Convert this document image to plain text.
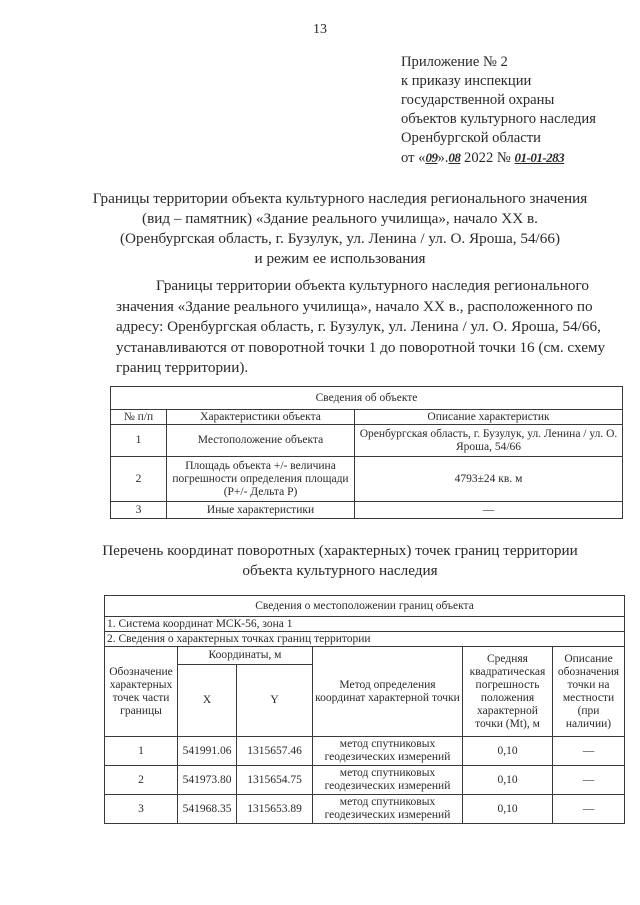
13
Приложение № 2
к приказу инспекции
государственной охраны
объектов культурного наследия
Оренбургской области
от «09».08 2022 № 01-01-283
Границы территории объекта культурного наследия регионального значения
(вид – памятник) «Здание реального училища», начало XX в.
(Оренбургская область, г. Бузулук, ул. Ленина / ул. О. Яроша, 54/66)
и режим ее использования
Границы территории объекта культурного наследия регионального
значения «Здание реального училища», начало XX в., расположенного по
адресу: Оренбургская область, г. Бузулук, ул. Ленина / ул. О. Ярошa, 54/66,
устанавливаются от поворотной точки 1 до поворотной точки 16 (см. схему
границ территории).
Сведения об объекте		
№ п/п	Характеристики объекта	Описание характеристик
1	Местоположение объекта	Оренбургская область, г. Бузулук, ул. Ленина / ул. О. Ярошa, 54/66
2	Площадь объекта +/- величина погрешности определения площади (Р+/- Дельта Р)	4793±24 кв. м
3	Иные характеристики	—
Перечень координат поворотных (характерных) точек границ территории
объекта культурного наследия
Сведения о местоположении границ объекта					
1. Система координат МСК-56, зона 1					
2. Сведения о характерных точках границ территории					
Обозначение характерных точек части границы	Координаты, м		Метод определения координат характерной точки	Средняя квадратическая погрешность положения характерной точки (Mt), м	Описание обозначения точки на местности (при наличии)
	X	Y			
1	541991.06	1315657.46	метод спутниковых геодезических измерений	0,10	—
2	541973.80	1315654.75	метод спутниковых геодезических измерений	0,10	—
3	541968.35	1315653.89	метод спутниковых геодезических измерений	0,10	—
